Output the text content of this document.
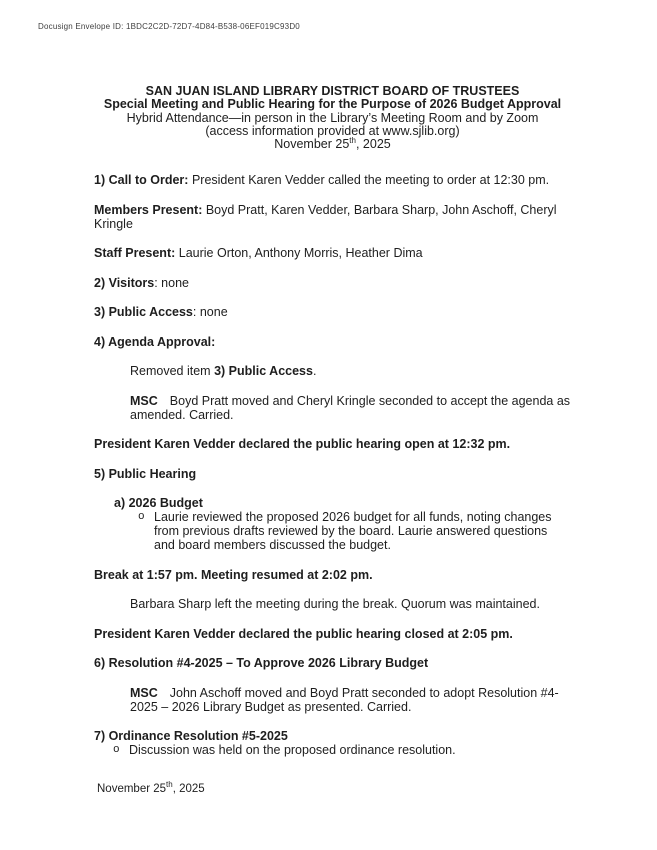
Docusign Envelope ID: 1BDC2C2D-72D7-4D84-B538-06EF019C93D0
SAN JUAN ISLAND LIBRARY DISTRICT BOARD OF TRUSTEES
Special Meeting and Public Hearing for the Purpose of 2026 Budget Approval
Hybrid Attendance—in person in the Library’s Meeting Room and by Zoom
(access information provided at www.sjlib.org)
November 25th, 2025

1) Call to Order: President Karen Vedder called the meeting to order at 12:30 pm.

Members Present: Boyd Pratt, Karen Vedder, Barbara Sharp, John Aschoff, Cheryl Kringle

Staff Present: Laurie Orton, Anthony Morris, Heather Dima

2) Visitors: none

3) Public Access: none

4) Agenda Approval:

Removed item 3) Public Access.

MSC Boyd Pratt moved and Cheryl Kringle seconded to accept the agenda as amended. Carried.

President Karen Vedder declared the public hearing open at 12:32 pm.

5) Public Hearing

a) 2026 Budget

o Laurie reviewed the proposed 2026 budget for all funds, noting changes from previous drafts reviewed by the board. Laurie answered questions and board members discussed the budget.

Break at 1:57 pm. Meeting resumed at 2:02 pm.

Barbara Sharp left the meeting during the break. Quorum was maintained.

President Karen Vedder declared the public hearing closed at 2:05 pm.

6) Resolution #4-2025 – To Approve 2026 Library Budget

MSC John Aschoff moved and Boyd Pratt seconded to adopt Resolution #4-2025 – 2026 Library Budget as presented. Carried.

7) Ordinance Resolution #5-2025

o Discussion was held on the proposed ordinance resolution.
November 25th, 2025
